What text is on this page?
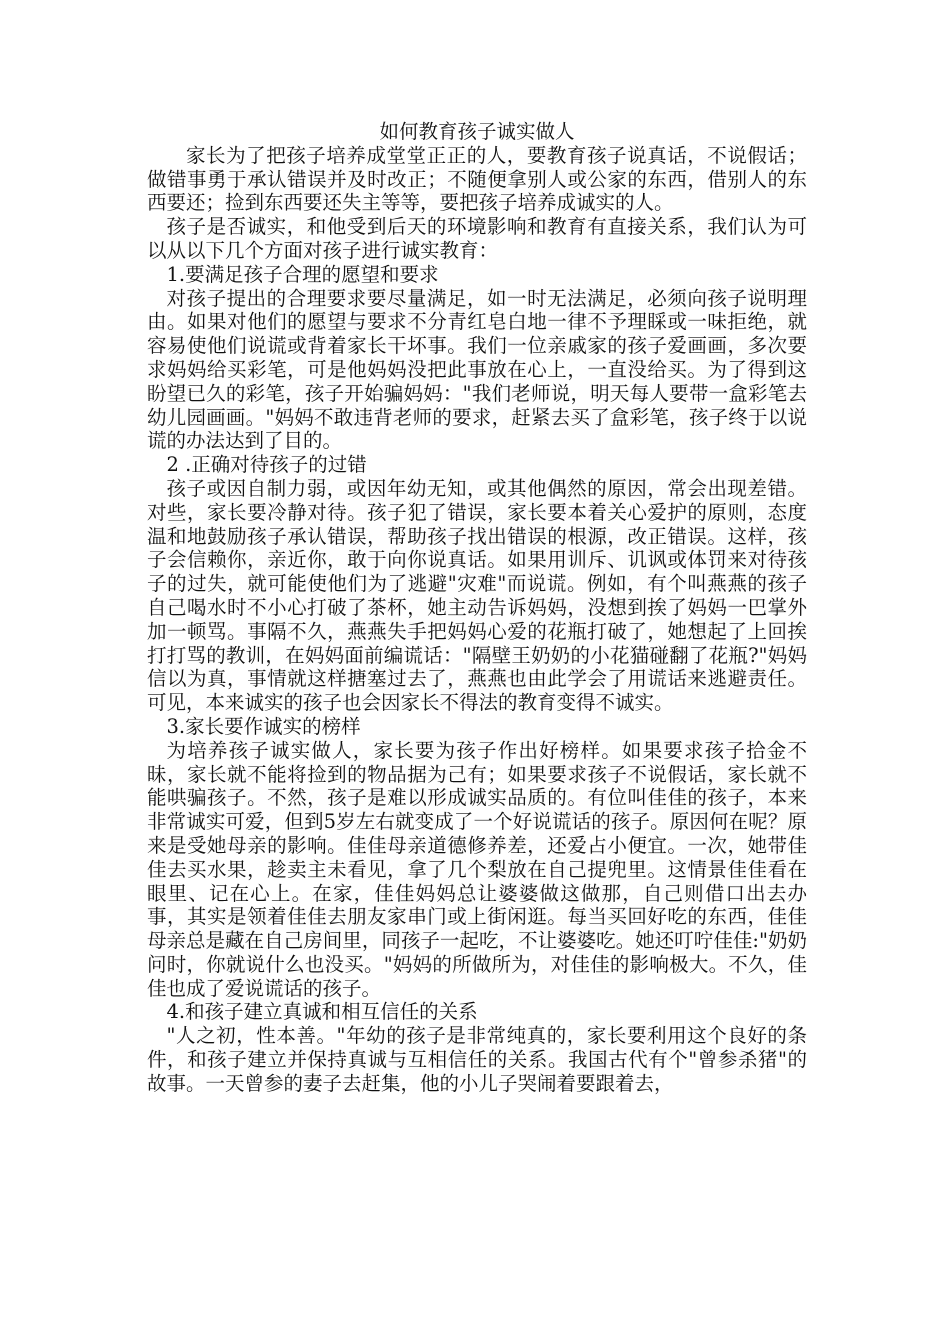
如何教育孩子诚实做人

家长为了把孩子培养成堂堂正正的人，要教育孩子说真话，不说假话；做错事勇于承认错误并及时改正；不随便拿别人或公家的东西，借别人的东西要还；捡到东西要还失主等等，要把孩子培养成诚实的人。

孩子是否诚实，和他受到后天的环境影响和教育有直接关系，我们认为可以从以下几个方面对孩子进行诚实教育：

1.要满足孩子合理的愿望和要求

对孩子提出的合理要求要尽量满足，如一时无法满足，必须向孩子说明理由。如果对他们的愿望与要求不分青红皂白地一律不予理睬或一味拒绝，就容易使他们说谎或背着家长干坏事。我们一位亲戚家的孩子爱画画，多次要求妈妈给买彩笔，可是他妈妈没把此事放在心上，一直没给买。为了得到这盼望已久的彩笔，孩子开始骗妈妈："我们老师说，明天每人要带一盒彩笔去幼儿园画画。"妈妈不敢违背老师的要求，赶紧去买了盒彩笔，孩子终于以说谎的办法达到了目的。

2 .正确对待孩子的过错

孩子或因自制力弱，或因年幼无知，或其他偶然的原因，常会出现差错。对些，家长要冷静对待。孩子犯了错误，家长要本着关心爱护的原则，态度温和地鼓励孩子承认错误，帮助孩子找出错误的根源，改正错误。这样，孩子会信赖你，亲近你，敢于向你说真话。如果用训斥、讥讽或体罚来对待孩子的过失，就可能使他们为了逃避"灾难"而说谎。例如，有个叫燕燕的孩子自己喝水时不小心打破了茶杯，她主动告诉妈妈，没想到挨了妈妈一巴掌外加一顿骂。事隔不久，燕燕失手把妈妈心爱的花瓶打破了，她想起了上回挨打打骂的教训，在妈妈面前编谎话："隔壁王奶奶的小花猫碰翻了花瓶?"妈妈信以为真，事情就这样搪塞过去了，燕燕也由此学会了用谎话来逃避责任。可见，本来诚实的孩子也会因家长不得法的教育变得不诚实。

3.家长要作诚实的榜样

为培养孩子诚实做人，家长要为孩子作出好榜样。如果要求孩子拾金不昧，家长就不能将捡到的物品据为己有；如果要求孩子不说假话，家长就不能哄骗孩子。不然，孩子是难以形成诚实品质的。有位叫佳佳的孩子，本来非常诚实可爱，但到5岁左右就变成了一个好说谎话的孩子。原因何在呢？原来是受她母亲的影响。佳佳母亲道德修养差，还爱占小便宜。一次，她带佳佳去买水果，趁卖主未看见，拿了几个梨放在自己提兜里。这情景佳佳看在眼里、记在心上。在家，佳佳妈妈总让婆婆做这做那，自己则借口出去办事，其实是领着佳佳去朋友家串门或上街闲逛。每当买回好吃的东西，佳佳母亲总是藏在自己房间里，同孩子一起吃，不让婆婆吃。她还叮咛佳佳:"奶奶问时，你就说什么也没买。"妈妈的所做所为，对佳佳的影响极大。不久，佳佳也成了爱说谎话的孩子。

4.和孩子建立真诚和相互信任的关系

"人之初，性本善。"年幼的孩子是非常纯真的，家长要利用这个良好的条件，和孩子建立并保持真诚与互相信任的关系。我国古代有个"曾参杀猪"的故事。一天曾参的妻子去赶集，他的小儿子哭闹着要跟着去，
